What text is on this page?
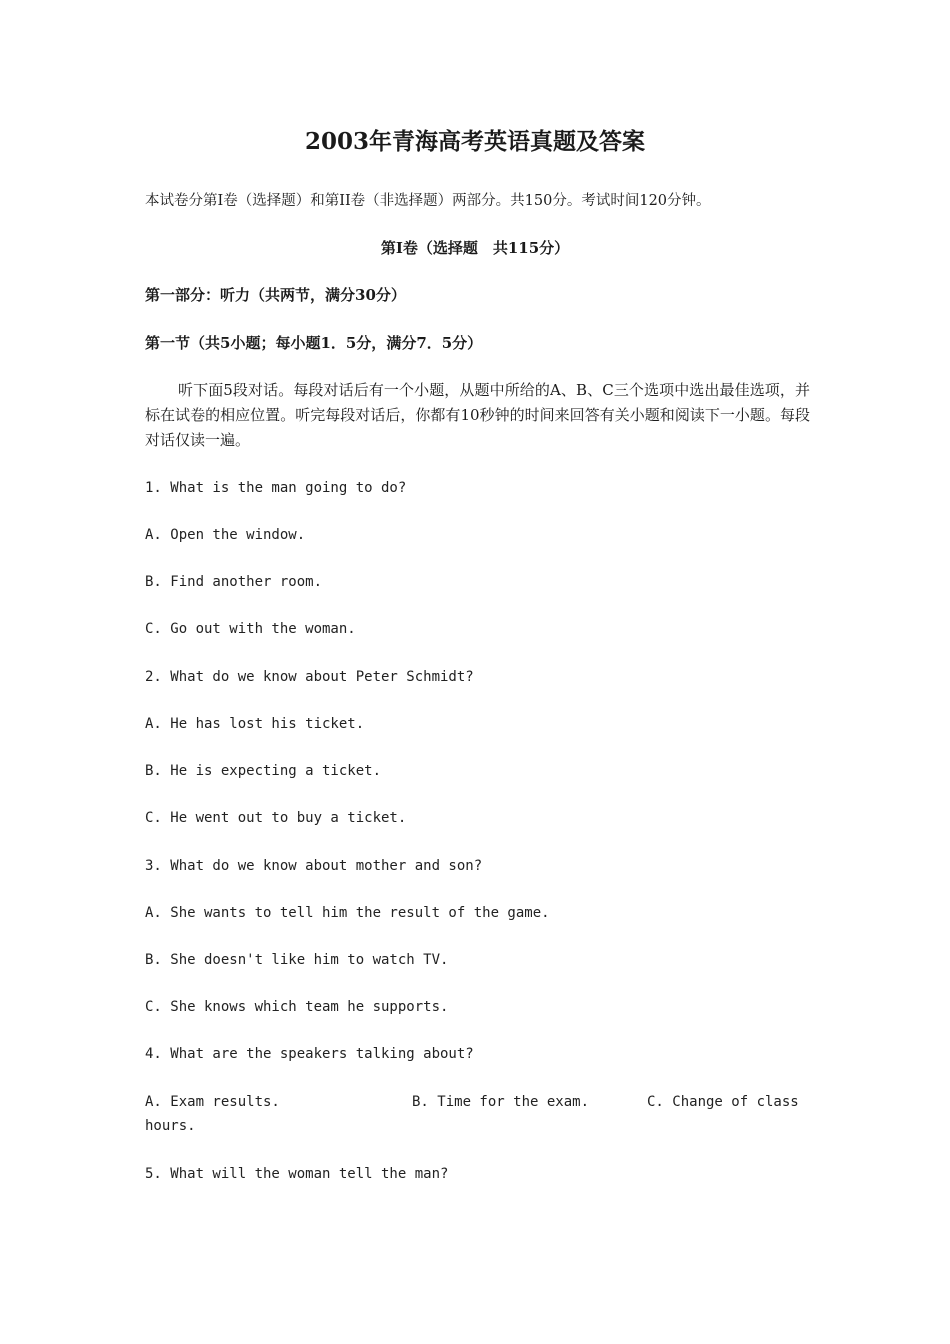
2003年青海高考英语真题及答案
本试卷分第Ⅰ卷（选择题）和第II卷（非选择题）两部分。共150分。考试时间120分钟。
第Ⅰ卷（选择题　共115分）
第一部分：听力（共两节，满分30分）
第一节（共5小题；每小题1．5分，满分7．5分）
听下面5段对话。每段对话后有一个小题，从题中所给的A、B、C三个选项中选出最佳选项，并标在试卷的相应位置。听完每段对话后，你都有10秒钟的时间来回答有关小题和阅读下一小题。每段对话仅读一遍。
1. What is the man going to do?
A. Open the window.
B. Find another room.
C. Go out with the woman.
2. What do we know about Peter Schmidt?
A. He has lost his ticket.
B. He is expecting a ticket.
C. He went out to buy a ticket.
3. What do we know about mother and son?
A. She wants to tell him the result of the game.
B. She doesn't like him to watch TV.
C. She knows which team he supports.
4. What are the speakers talking about?
A. Exam results.	B. Time for the exam.	C. Change of class
hours.
5. What will the woman tell the man?
